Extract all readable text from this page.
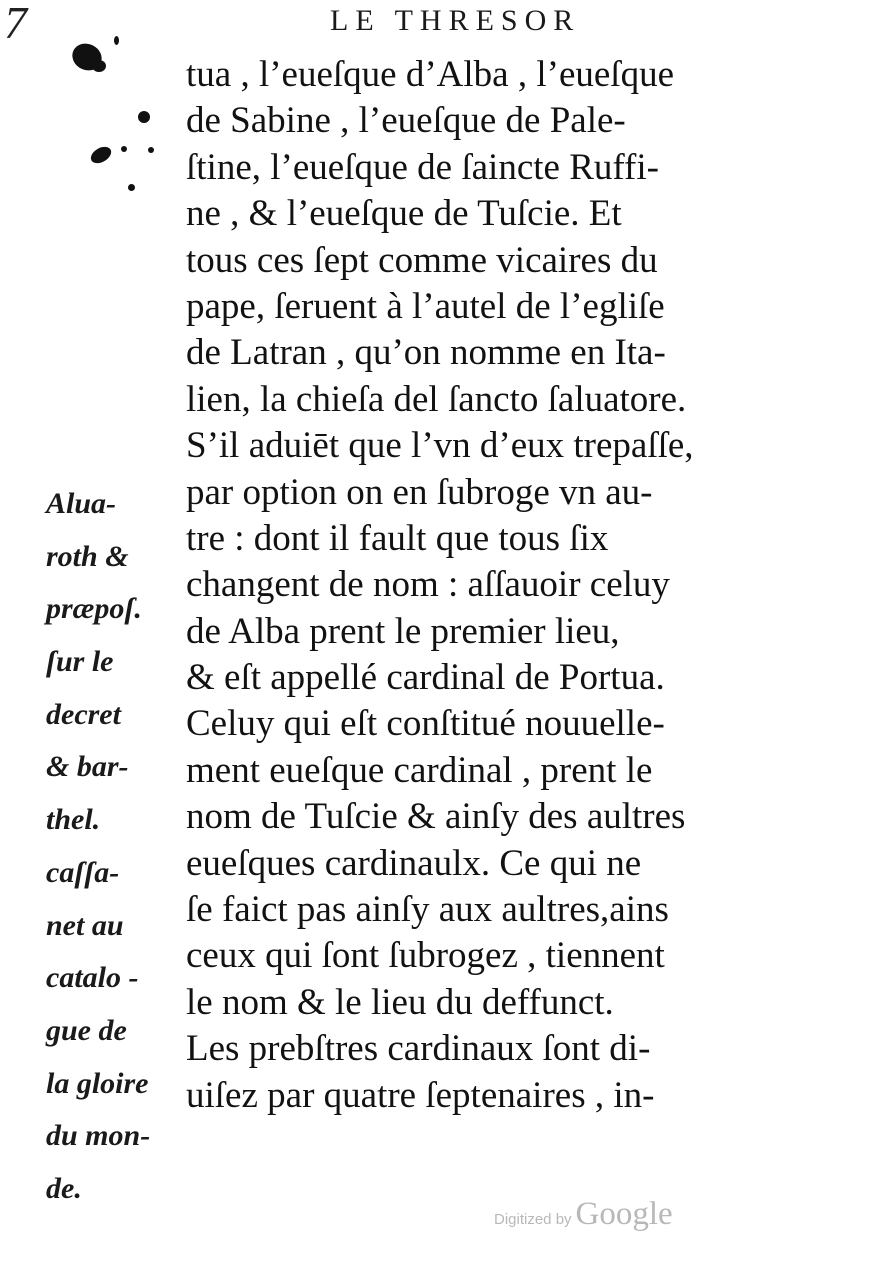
7	LE THRESOR
tua , l’eueſque d’Alba , l’eueſque
de Sabine , l’eueſque de Pale-
ſtine, l’eueſque de ſaincte Ruffi-
ne , & l’eueſque de Tuſcie. Et
tous ces ſept comme vicaires du
pape, ſeruent à l’autel de l’egliſe
de Latran , qu’on nomme en Ita-
lien, la chieſa del ſancto ſaluatore.
S’il aduiēt que l’vn d’eux trepaſſe,
par option on en ſubroge vn au-
tre : dont il fault que tous ſix
changent de nom : aſſauoir celuy
de Alba prent le premier lieu,
& eſt appellé cardinal de Portua.
Celuy qui eſt conſtitué nouuelle-
ment eueſque cardinal , prent le
nom de Tuſcie & ainſy des aultres
eueſques cardinaulx. Ce qui ne
ſe faict pas ainſy aux aultres,ains
ceux qui ſont ſubrogez , tiennent
le nom & le lieu du deffunct.
Les prebſtres cardinaux ſont di-
uiſez par quatre ſeptenaires , in-
Alua-
roth &
præpoſ.
ſur le
decret
& bar-
thel.
caſſa-
net au
catalo -
gue de
la gloire
du mon-
de.
Digitized by Google
